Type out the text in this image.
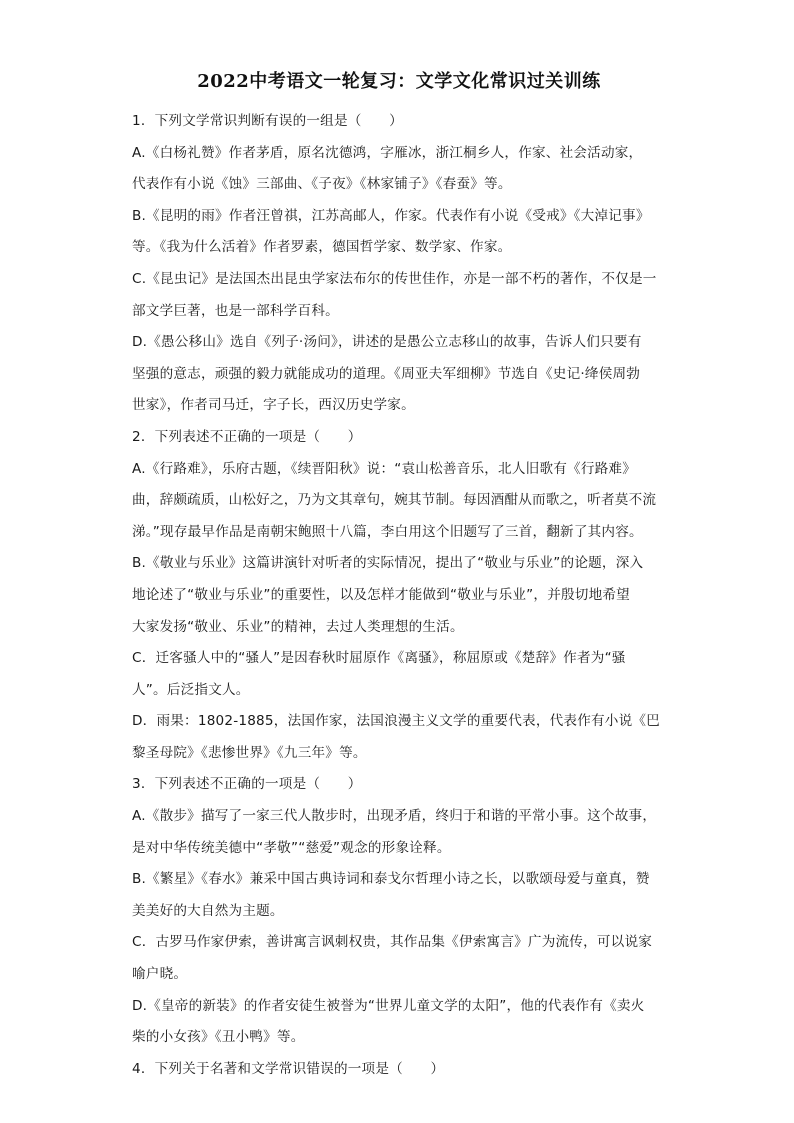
2022中考语文一轮复习：文学文化常识过关训练
1．下列文学常识判断有误的一组是（　　）
A.《白杨礼赞》作者茅盾，原名沈德鸿，字雁冰，浙江桐乡人，作家、社会活动家，
代表作有小说《蚀》三部曲、《子夜》《林家铺子》《春蚕》等。
B.《昆明的雨》作者汪曾祺，江苏高邮人，作家。代表作有小说《受戒》《大淖记事》
等。《我为什么活着》作者罗素，德国哲学家、数学家、作家。
C.《昆虫记》是法国杰出昆虫学家法布尔的传世佳作，亦是一部不朽的著作，不仅是一
部文学巨著，也是一部科学百科。
D.《愚公移山》选自《列子·汤问》，讲述的是愚公立志移山的故事，告诉人们只要有
坚强的意志，顽强的毅力就能成功的道理。《周亚夫军细柳》节选自《史记·绛侯周勃
世家》，作者司马迁，字子长，西汉历史学家。
2．下列表述不正确的一项是（　　）
A.《行路难》，乐府古题，《续晋阳秋》说：“袁山松善音乐，北人旧歌有《行路难》
曲，辞颇疏质，山松好之，乃为文其章句，婉其节制。每因酒酣从而歌之，听者莫不流
涕。”现存最早作品是南朝宋鲍照十八篇，李白用这个旧题写了三首，翻新了其内容。
B.《敬业与乐业》这篇讲演针对听者的实际情况，提出了“敬业与乐业”的论题，深入
地论述了“敬业与乐业”的重要性，以及怎样才能做到“敬业与乐业”，并殷切地希望
大家发扬“敬业、乐业”的精神，去过人类理想的生活。
C．迁客骚人中的“骚人”是因春秋时屈原作《离骚》，称屈原或《楚辞》作者为“骚
人”。后泛指文人。
D．雨果：1802-1885，法国作家，法国浪漫主义文学的重要代表，代表作有小说《巴
黎圣母院》《悲惨世界》《九三年》等。
3．下列表述不正确的一项是（　　）
A.《散步》描写了一家三代人散步时，出现矛盾，终归于和谐的平常小事。这个故事，
是对中华传统美德中“孝敬”“慈爱”观念的形象诠释。
B.《繁星》《春水》兼采中国古典诗词和泰戈尔哲理小诗之长，以歌颂母爱与童真，赞
美美好的大自然为主题。
C．古罗马作家伊索，善讲寓言讽刺权贵，其作品集《伊索寓言》广为流传，可以说家
喻户晓。
D.《皇帝的新装》的作者安徒生被誉为“世界儿童文学的太阳”，他的代表作有《卖火
柴的小女孩》《丑小鸭》等。
4．下列关于名著和文学常识错误的一项是（　　）
